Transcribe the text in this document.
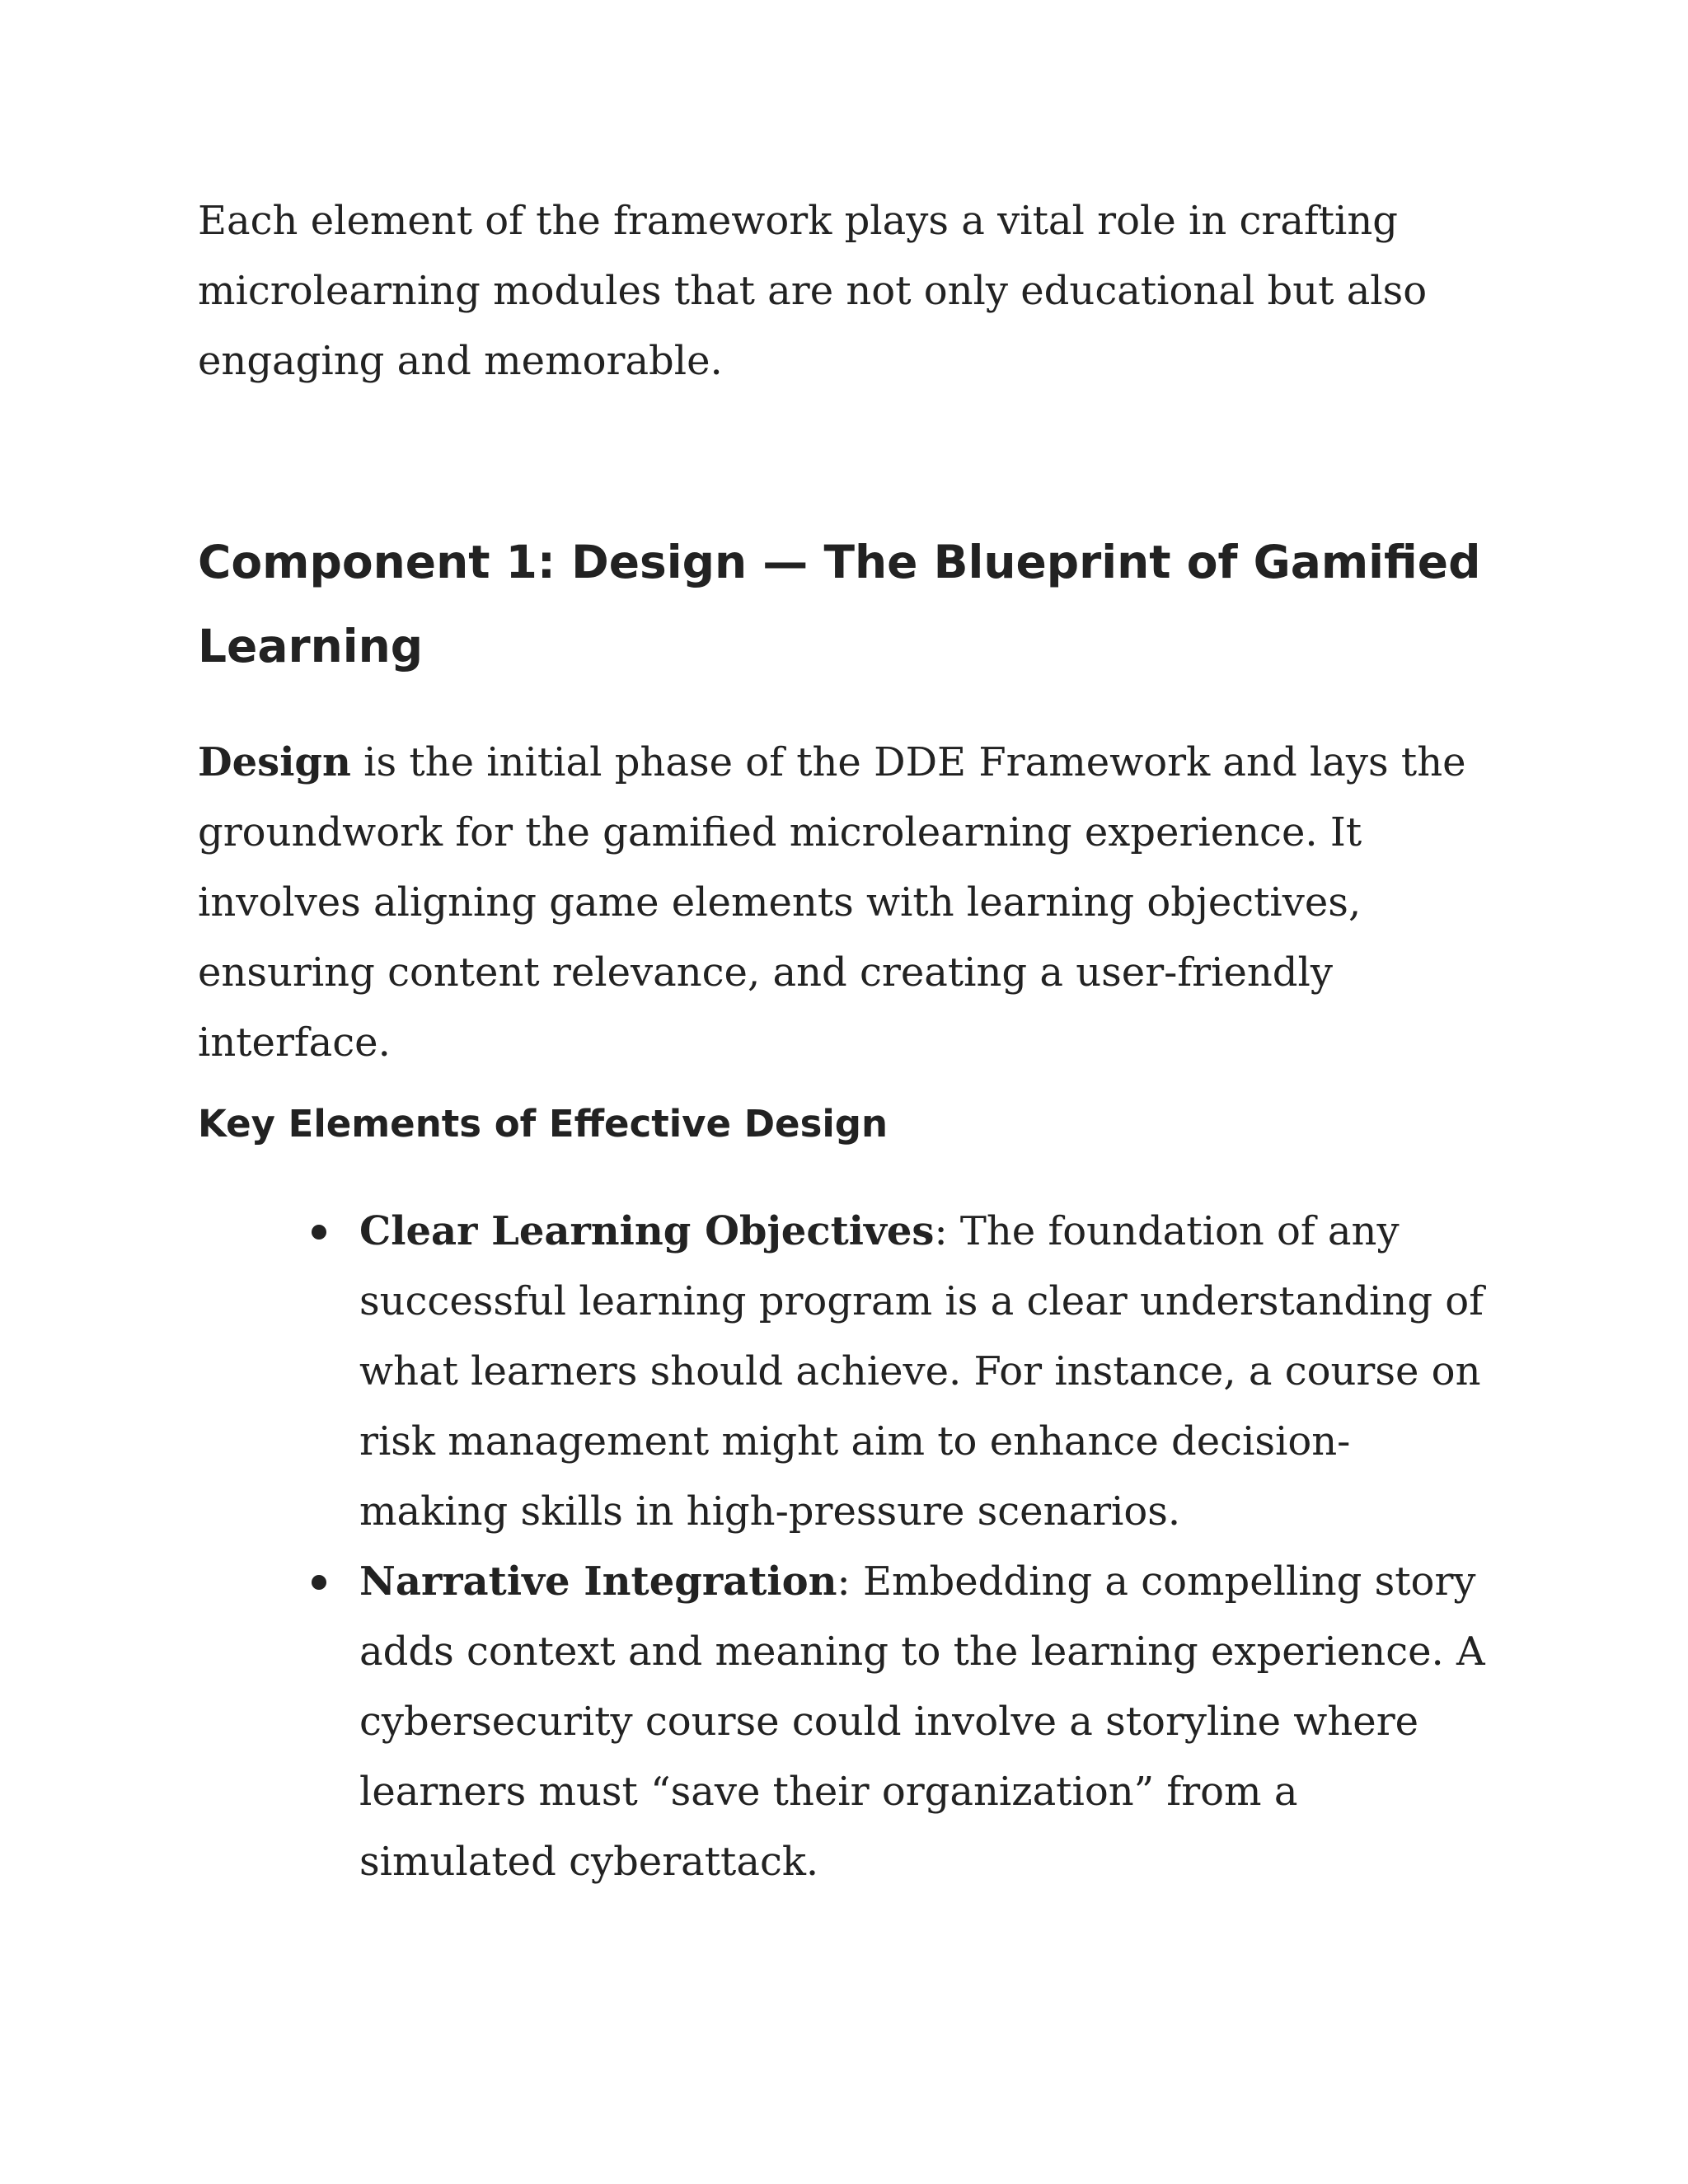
Each element of the framework plays a vital role in crafting microlearning modules that are not only educational but also engaging and memorable.

Component 1: Design — The Blueprint of Gamified Learning

Design is the initial phase of the DDE Framework and lays the groundwork for the gamified microlearning experience. It involves aligning game elements with learning objectives, ensuring content relevance, and creating a user-friendly interface.

Key Elements of Effective Design
Clear Learning Objectives: The foundation of any successful learning program is a clear understanding of what learners should achieve. For instance, a course on risk management might aim to enhance decision-making skills in high-pressure scenarios.
Narrative Integration: Embedding a compelling story adds context and meaning to the learning experience. A cybersecurity course could involve a storyline where learners must “save their organization” from a simulated cyberattack.
